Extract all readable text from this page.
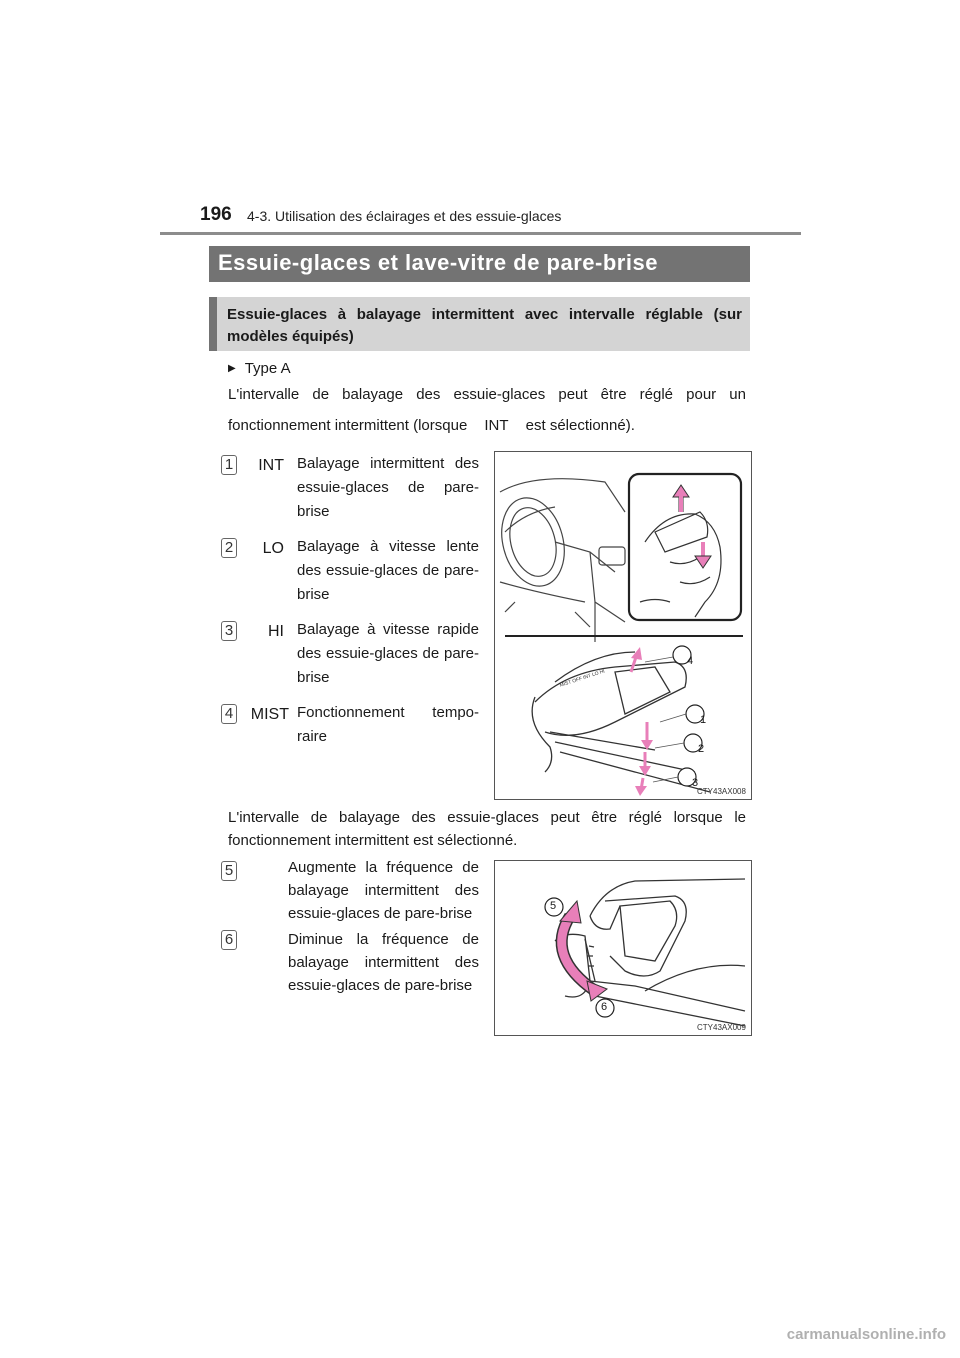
196 4-3. Utilisation des éclairages et des essuie-glaces
Essuie-glaces et lave-vitre de pare-brise
Essuie-glaces à balayage intermittent avec intervalle réglable (sur modèles équipés)
▶ Type A
L'intervalle de balayage des essuie-glaces peut être réglé pour un
fonctionnement intermittent (lorsque INT est sélectionné).
1	INT Balayage intermittent des essuie-glaces de pare-brise
2	LO Balayage à vitesse lente des essuie-glaces de pare-brise
3	HI Balayage à vitesse rapide des essuie-glaces de pare-brise
4	MIST Fonctionnement tempo-raire
4
1
2
3
MIST OFF INT LO HI
CTY43AX008
L'intervalle de balayage des essuie-glaces peut être réglé lorsque le fonctionnement intermittent est sélectionné.
5	Augmente la fréquence de balayage intermittent des essuie-glaces de pare-brise
6	Diminue la fréquence de balayage intermittent des essuie-glaces de pare-brise
5
6
CTY43AX009
carmanualsonline.info
